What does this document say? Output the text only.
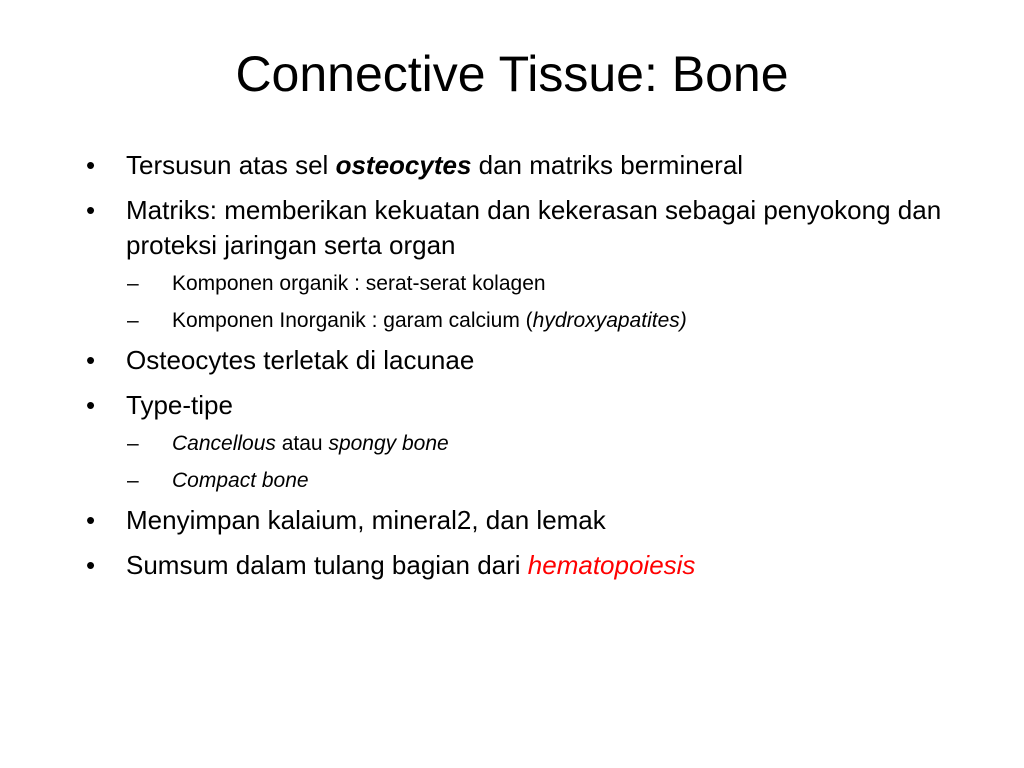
Connective Tissue: Bone
•	Tersusun atas sel osteocytes dan matriks bermineral
•	Matriks: memberikan kekuatan dan kekerasan sebagai penyokong dan proteksi jaringan serta organ
– Komponen organik : serat-serat kolagen
– Komponen Inorganik : garam calcium (hydroxyapatites)
•	Osteocytes terletak di lacunae
•	Type-tipe
– Cancellous atau spongy bone
– Compact bone
•	Menyimpan kalaium, mineral2, dan lemak
•	Sumsum dalam tulang bagian dari hematopoiesis
